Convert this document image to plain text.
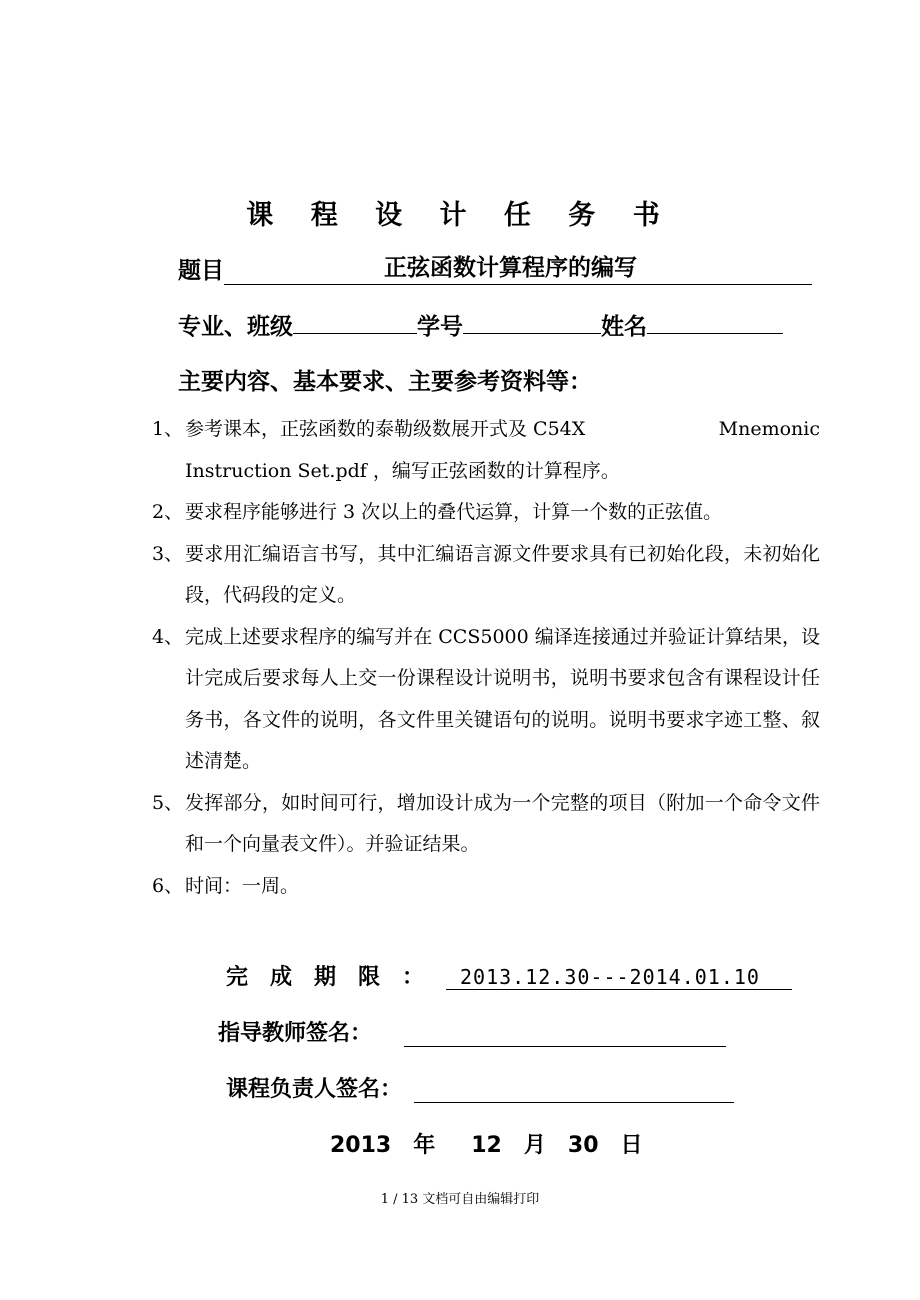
课 程 设 计 任 务 书
题目	正弦函数计算程序的编写
专业、班级	学号	姓名
主要内容、基本要求、主要参考资料等：
1、 参考课本，正弦函数的泰勒级数展开式及 C54X	Mnemonic
Instruction Set.pdf ，编写正弦函数的计算程序。
2、 要求程序能够进行 3 次以上的叠代运算，计算一个数的正弦值。
3、 要求用汇编语言书写，其中汇编语言源文件要求具有已初始化段，未初始化段，代码段的定义。
4、 完成上述要求程序的编写并在 CCS5000 编译连接通过并验证计算结果，设计完成后要求每人上交一份课程设计说明书，说明书要求包含有课程设计任务书，各文件的说明，各文件里关键语句的说明。说明书要求字迹工整、叙述清楚。
5、 发挥部分，如时间可行，增加设计成为一个完整的项目（附加一个命令文件和一个向量表文件）。并验证结果。
6、 时间：一周。
完成期限： 2013.12.30---2014.01.10
指导教师签名：
课程负责人签名：
2013 年 12 月 30 日
1 / 13 文档可自由编辑打印
